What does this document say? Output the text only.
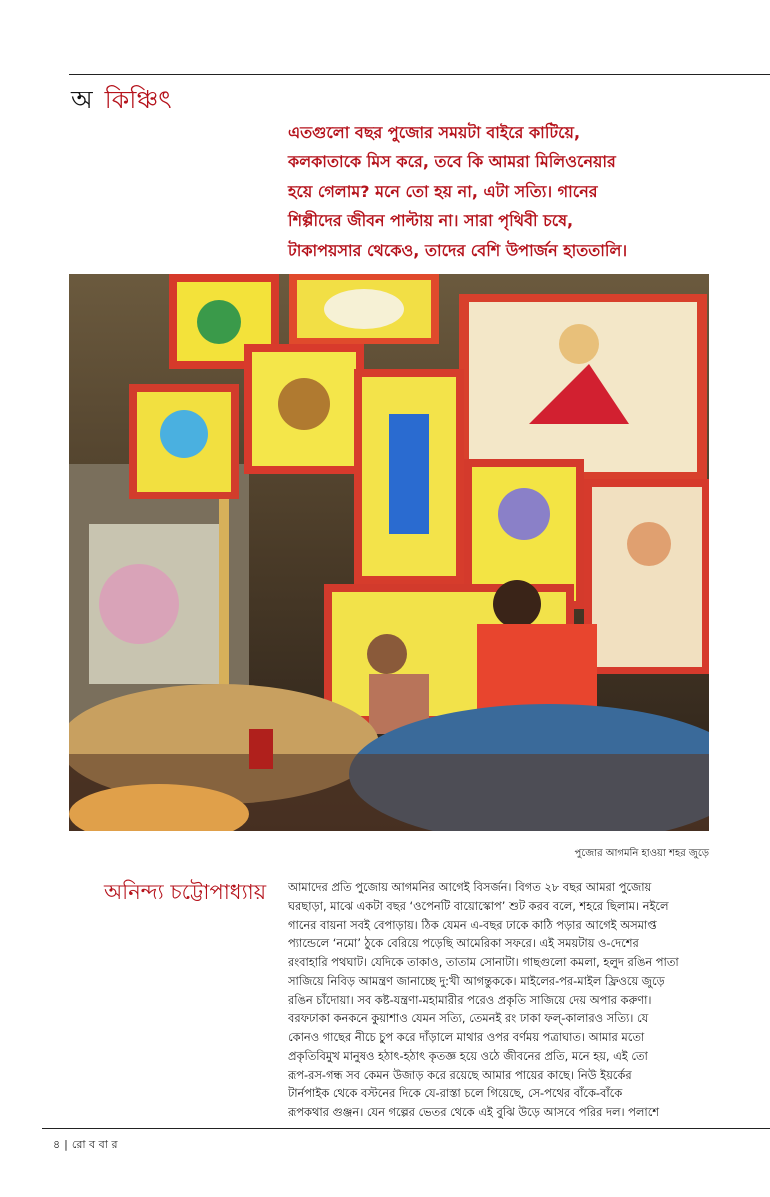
অ কিঞ্চিৎ
এতগুলো বছর পুজোর সময়টা বাইরে কাটিয়ে,
কলকাতাকে মিস করে, তবে কি আমরা মিলিওনেয়ার
হয়ে গেলাম? মনে তো হয় না, এটা সত্যি। গানের
শিল্পীদের জীবন পাল্টায় না। সারা পৃথিবী চষে,
টাকাপয়সার থেকেও, তাদের বেশি উপার্জন হাততালি।
পুজোর আগমনি হাওয়া শহর জুড়ে
অনিন্দ্য চট্টোপাধ্যায় আমাদের প্রতি পুজোয় আগমনির আগেই বিসর্জন। বিগত ২৮ বছর আমরা পুজোয়
ঘরছাড়া, মাঝে একটা বছর ‘ওপেনটি বায়োস্কোপ’ শুট করব বলে, শহরে ছিলাম। নইলে
গানের বায়না সবই বেপাড়ায়। ঠিক যেমন এ-বছর ঢাকে কাঠি পড়ার আগেই অসমাপ্ত
প্যান্ডেলে ‘নমো’ ঠুকে বেরিয়ে পড়েছি আমেরিকা সফরে। এই সময়টায় ও-দেশের
রংবাহারি পথঘাট। যেদিকে তাকাও, তাতাম সোনাটা। গাছগুলো কমলা, হলুদ রঙিন পাতা
সাজিয়ে নিবিড় আমন্ত্রণ জানাচ্ছে দু:খী আগন্তুককে। মাইলের-পর-মাইল ফ্রিওয়ে জুড়ে
রঙিন চাঁদোয়া। সব কষ্ট-যন্ত্রণা-মহামারীর পরেও প্রকৃতি সাজিয়ে দেয় অপার করুণা।
বরফঢাকা কনকনে কুয়াশাও যেমন সত্যি, তেমনই রং ঢাকা ফল্-কালারও সত্যি। যে
কোনও গাছের নীচে চুপ করে দাঁড়ালে মাথার ওপর বর্ণময় পত্রাঘাত। আমার মতো
প্রকৃতিবিমুখ মানুষও হঠাৎ-হঠাৎ কৃতজ্ঞ হয়ে ওঠে জীবনের প্রতি, মনে হয়, এই তো
রূপ-রস-গন্ধ সব কেমন উজাড় করে রয়েছে আমার পায়ের কাছে। নিউ ইয়র্কের
টার্নপাইক থেকে বস্টনের দিকে যে-রাস্তা চলে গিয়েছে, সে-পথের বাঁকে-বাঁকে
রূপকথার গুঞ্জন। যেন গল্পের ভেতর থেকে এই বুঝি উড়ে আসবে পরির দল। পলাশে
৪ | রো ব বা র
